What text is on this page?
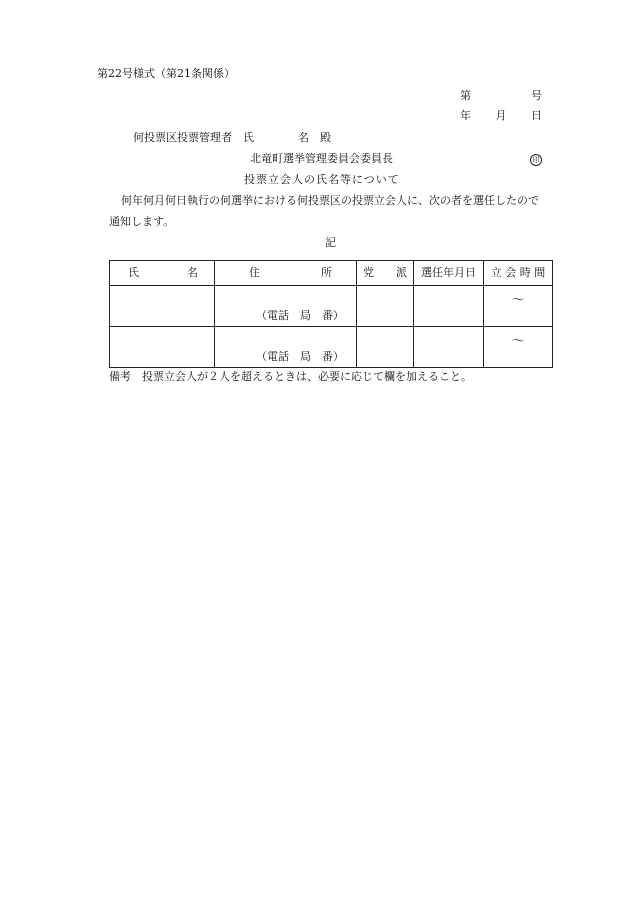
第22号様式（第21条関係）
第	号
年 月 日
何投票区投票管理者　氏　　　　名　殿
北竜町選挙管理委員会委員長	印
投票立会人の氏名等について
何年何月何日執行の何選挙における何投票区の投票立会人に、次の者を選任したので
通知します。
記
氏 名	住 所	党 派	選任年月日	立 会 時 間
	（電話　局　番）			～
	（電話　局　番）			～
備考　投票立会人が２人を超えるときは、必要に応じて欄を加えること。
